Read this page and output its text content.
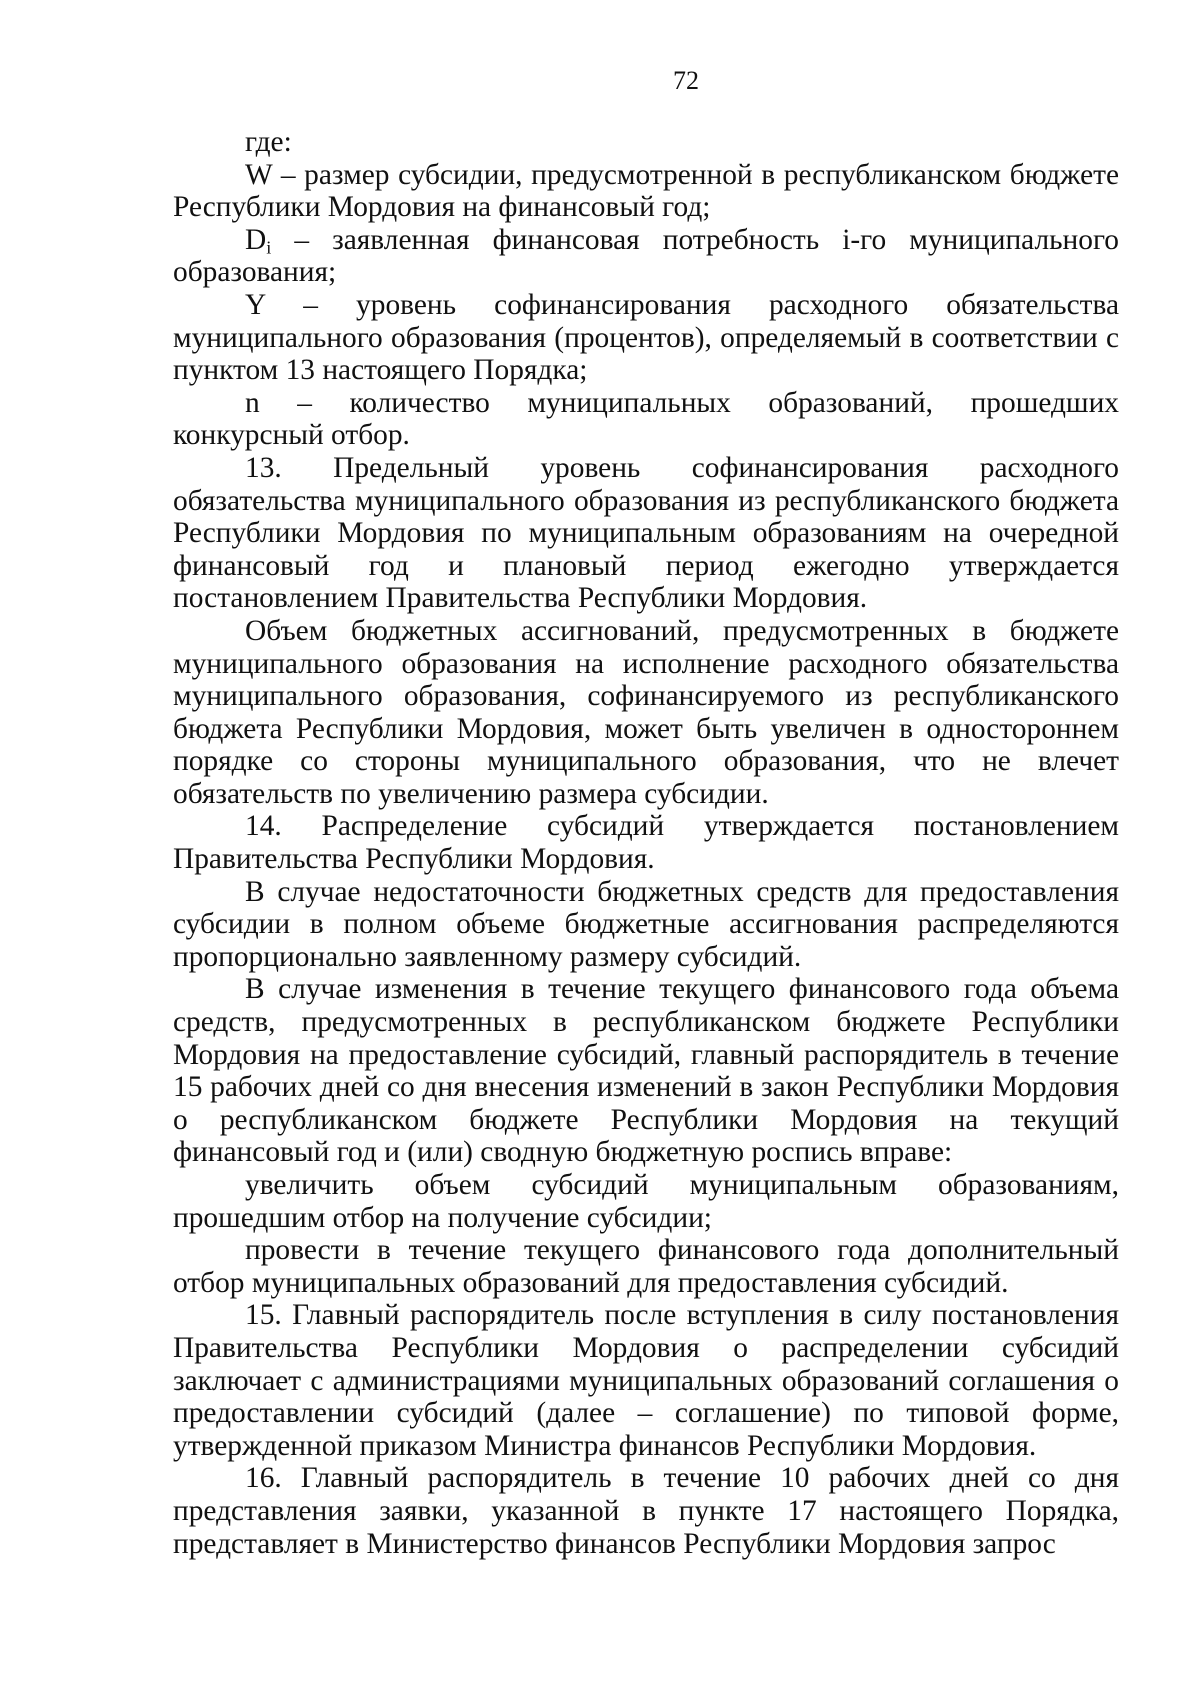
72

где:

W – размер субсидии, предусмотренной в республиканском бюджете Республики Мордовия на финансовый год;

$D_i$ – заявленная финансовая потребность i-го муниципального образования;

Y – уровень софинансирования расходного обязательства муниципального образования (процентов), определяемый в соответствии с пунктом 13 настоящего Порядка;

n – количество муниципальных образований, прошедших конкурсный отбор.

13. Предельный уровень софинансирования расходного обязательства муниципального образования из республиканского бюджета Республики Мордовия по муниципальным образованиям на очередной финансовый год и плановый период ежегодно утверждается постановлением Правительства Республики Мордовия.

Объем бюджетных ассигнований, предусмотренных в бюджете муниципального образования на исполнение расходного обязательства муниципального образования, софинансируемого из республиканского бюджета Республики Мордовия, может быть увеличен в одностороннем порядке со стороны муниципального образования, что не влечет обязательств по увеличению размера субсидии.

14. Распределение субсидий утверждается постановлением Правительства Республики Мордовия.

В случае недостаточности бюджетных средств для предоставления субсидии в полном объеме бюджетные ассигнования распределяются пропорционально заявленному размеру субсидий.

В случае изменения в течение текущего финансового года объема средств, предусмотренных в республиканском бюджете Республики Мордовия на предоставление субсидий, главный распорядитель в течение 15 рабочих дней со дня внесения изменений в закон Республики Мордовия о республиканском бюджете Республики Мордовия на текущий финансовый год и (или) сводную бюджетную роспись вправе:

увеличить объем субсидий муниципальным образованиям, прошедшим отбор на получение субсидии;

провести в течение текущего финансового года дополнительный отбор муниципальных образований для предоставления субсидий.

15. Главный распорядитель после вступления в силу постановления Правительства Республики Мордовия о распределении субсидий заключает с администрациями муниципальных образований соглашения о предоставлении субсидий (далее – соглашение) по типовой форме, утвержденной приказом Министра финансов Республики Мордовия.

16. Главный распорядитель в течение 10 рабочих дней со дня представления заявки, указанной в пункте 17 настоящего Порядка, представляет в Министерство финансов Республики Мордовия запрос
